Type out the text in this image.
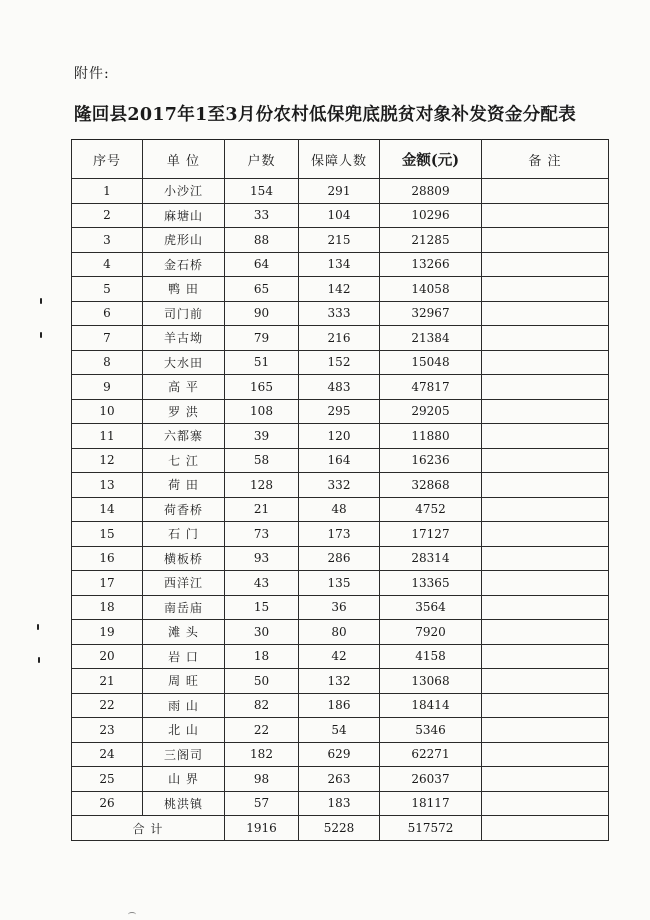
附件:
隆回县2017年1至3月份农村低保兜底脱贫对象补发资金分配表
序号	单 位	户数	保障人数	金额(元)	备 注
1	小沙江	154	291	28809	
2	麻塘山	33	104	10296	
3	虎形山	88	215	21285	
4	金石桥	64	134	13266	
5	鸭 田	65	142	14058	
6	司门前	90	333	32967	
7	羊古坳	79	216	21384	
8	大水田	51	152	15048	
9	高 平	165	483	47817	
10	罗 洪	108	295	29205	
11	六都寨	39	120	11880	
12	七 江	58	164	16236	
13	荷 田	128	332	32868	
14	荷香桥	21	48	4752	
15	石 门	73	173	17127	
16	横板桥	93	286	28314	
17	西洋江	43	135	13365	
18	南岳庙	15	36	3564	
19	滩 头	30	80	7920	
20	岩 口	18	42	4158	
21	周 旺	50	132	13068	
22	雨 山	82	186	18414	
23	北 山	22	54	5346	
24	三阁司	182	629	62271	
25	山 界	98	263	26037	
26	桃洪镇	57	183	18117	
合 计		1916	5228	517572	
